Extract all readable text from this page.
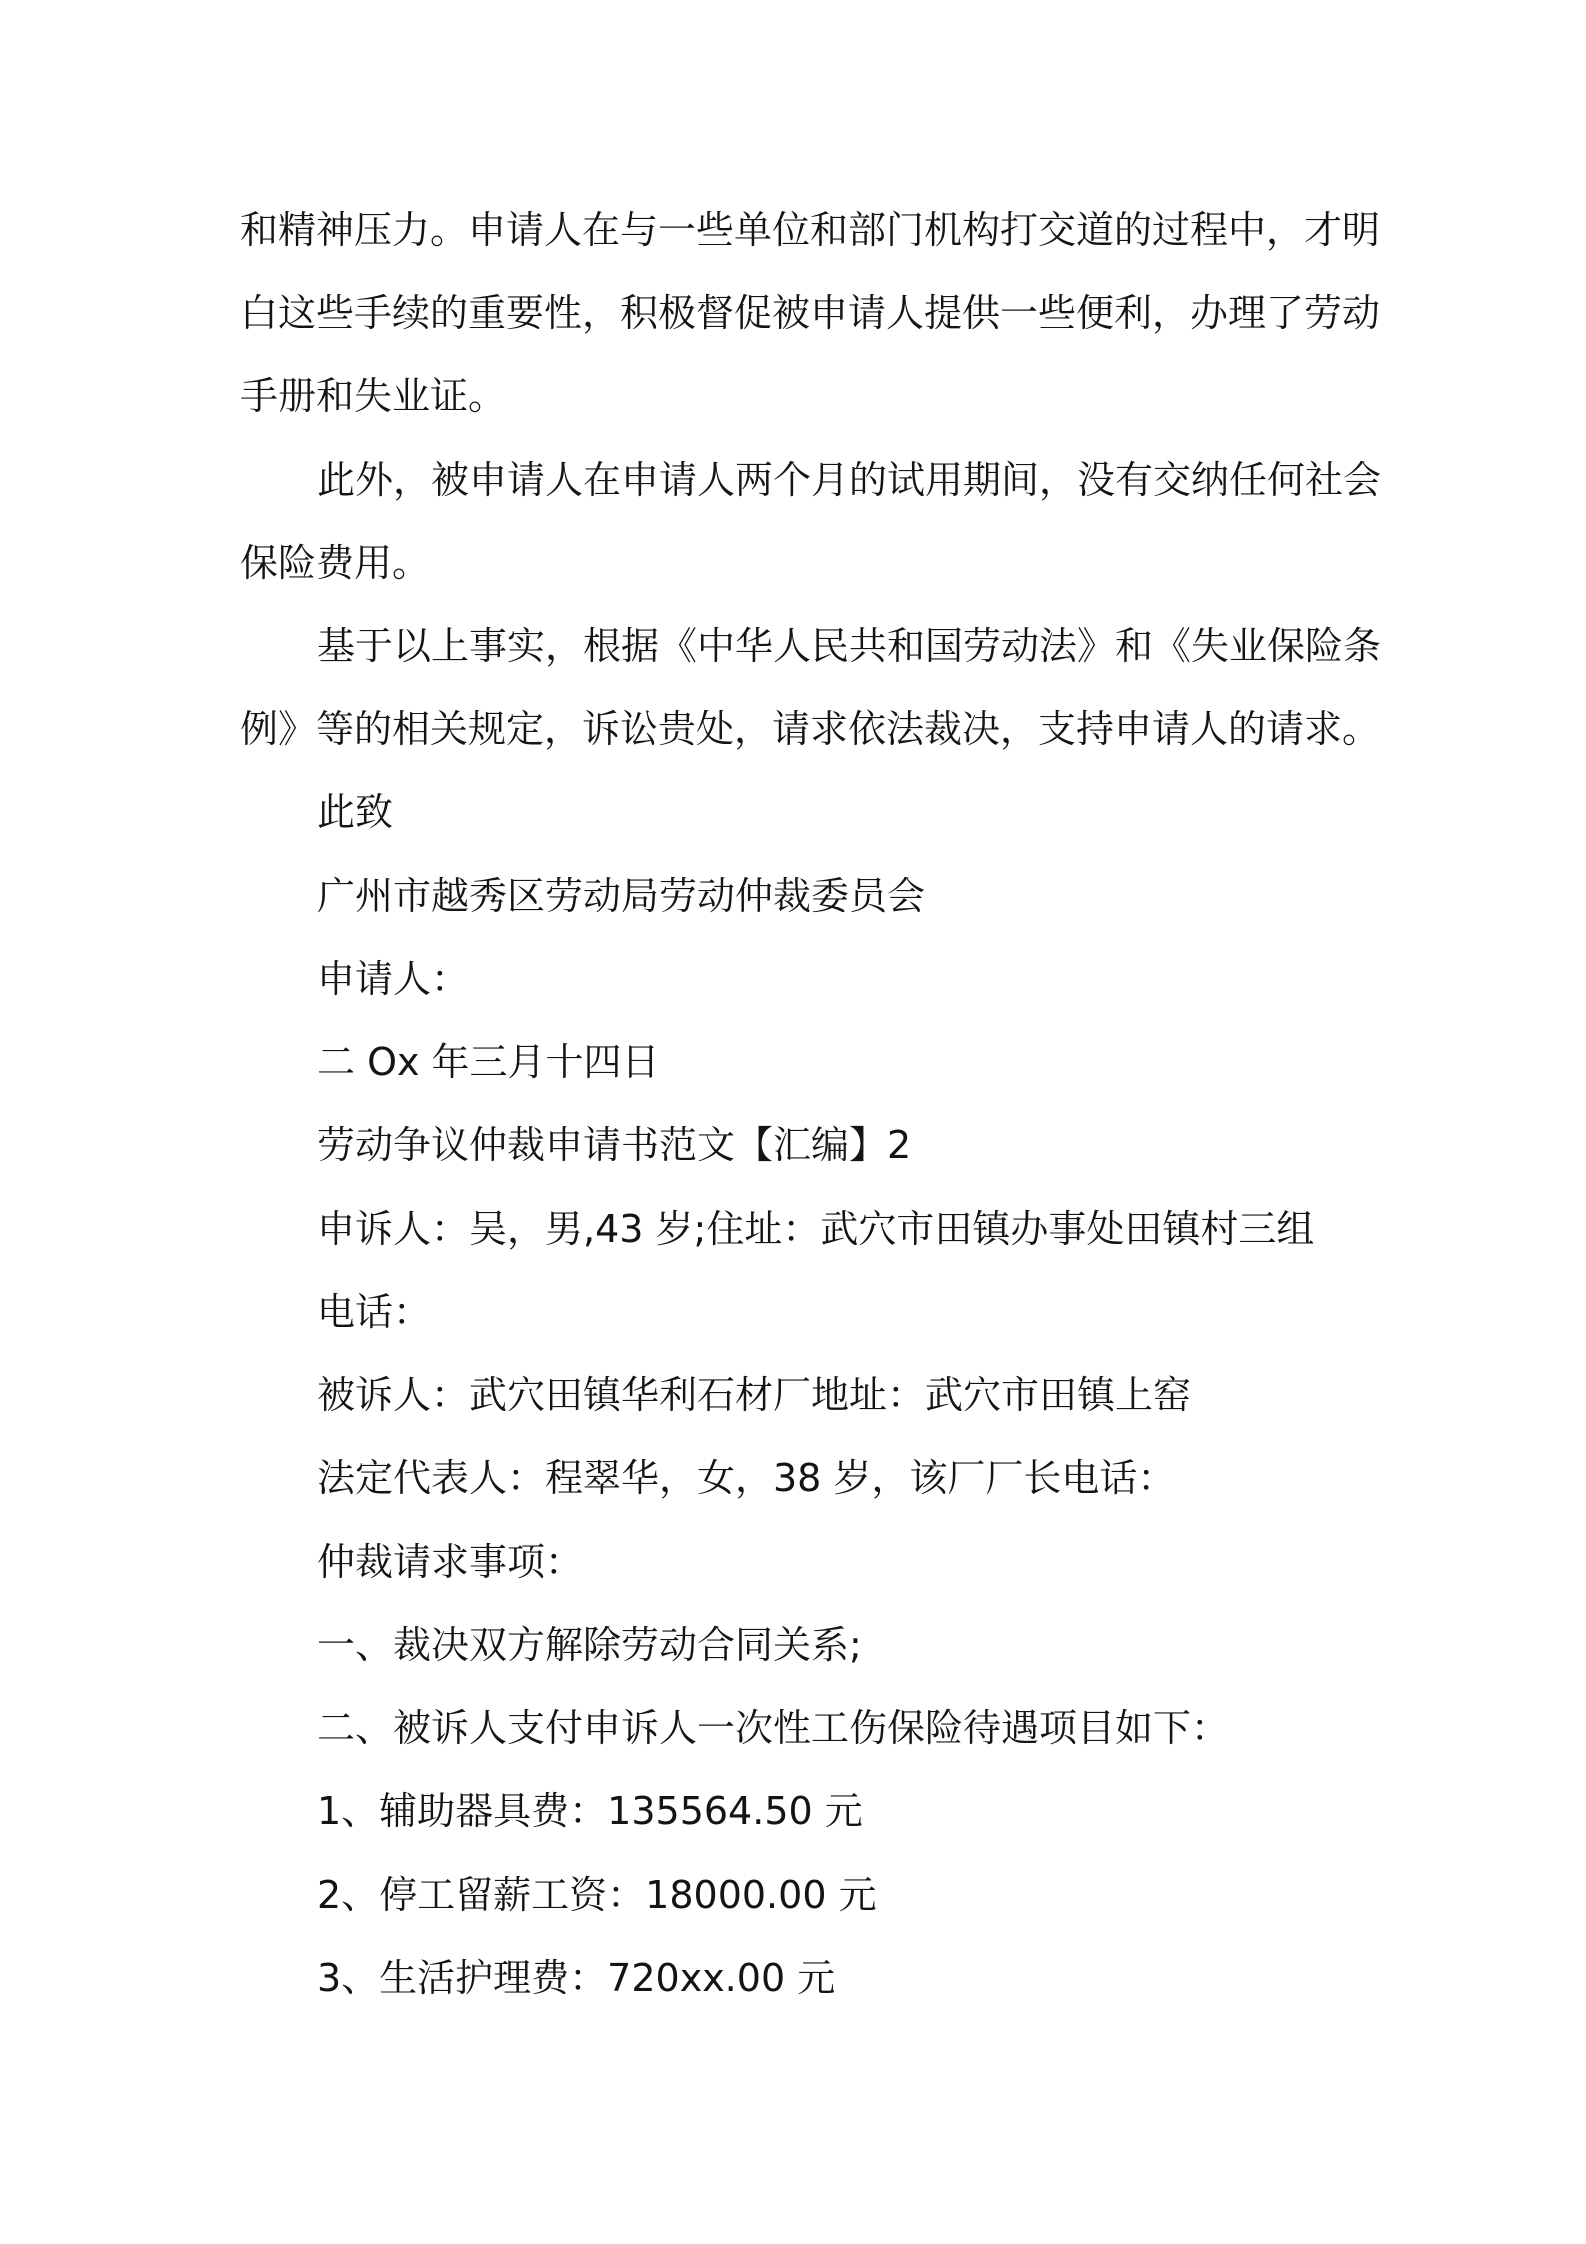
和精神压力。申请人在与一些单位和部门机构打交道的过程中，才明
白这些手续的重要性，积极督促被申请人提供一些便利，办理了劳动
手册和失业证。
此外，被申请人在申请人两个月的试用期间，没有交纳任何社会
保险费用。
基于以上事实，根据《中华人民共和国劳动法》和《失业保险条
例》等的相关规定，诉讼贵处，请求依法裁决，支持申请人的请求。
此致
广州市越秀区劳动局劳动仲裁委员会
申请人：
二 Ox 年三月十四日
劳动争议仲裁申请书范文【汇编】2
申诉人：吴，男,43 岁;住址：武穴市田镇办事处田镇村三组
电话：
被诉人：武穴田镇华利石材厂地址：武穴市田镇上窑
法定代表人：程翠华，女，38 岁，该厂厂长电话：
仲裁请求事项：
一、裁决双方解除劳动合同关系;
二、被诉人支付申诉人一次性工伤保险待遇项目如下：
1、辅助器具费：135564.50 元
2、停工留薪工资：18000.00 元
3、生活护理费：720xx.00 元
